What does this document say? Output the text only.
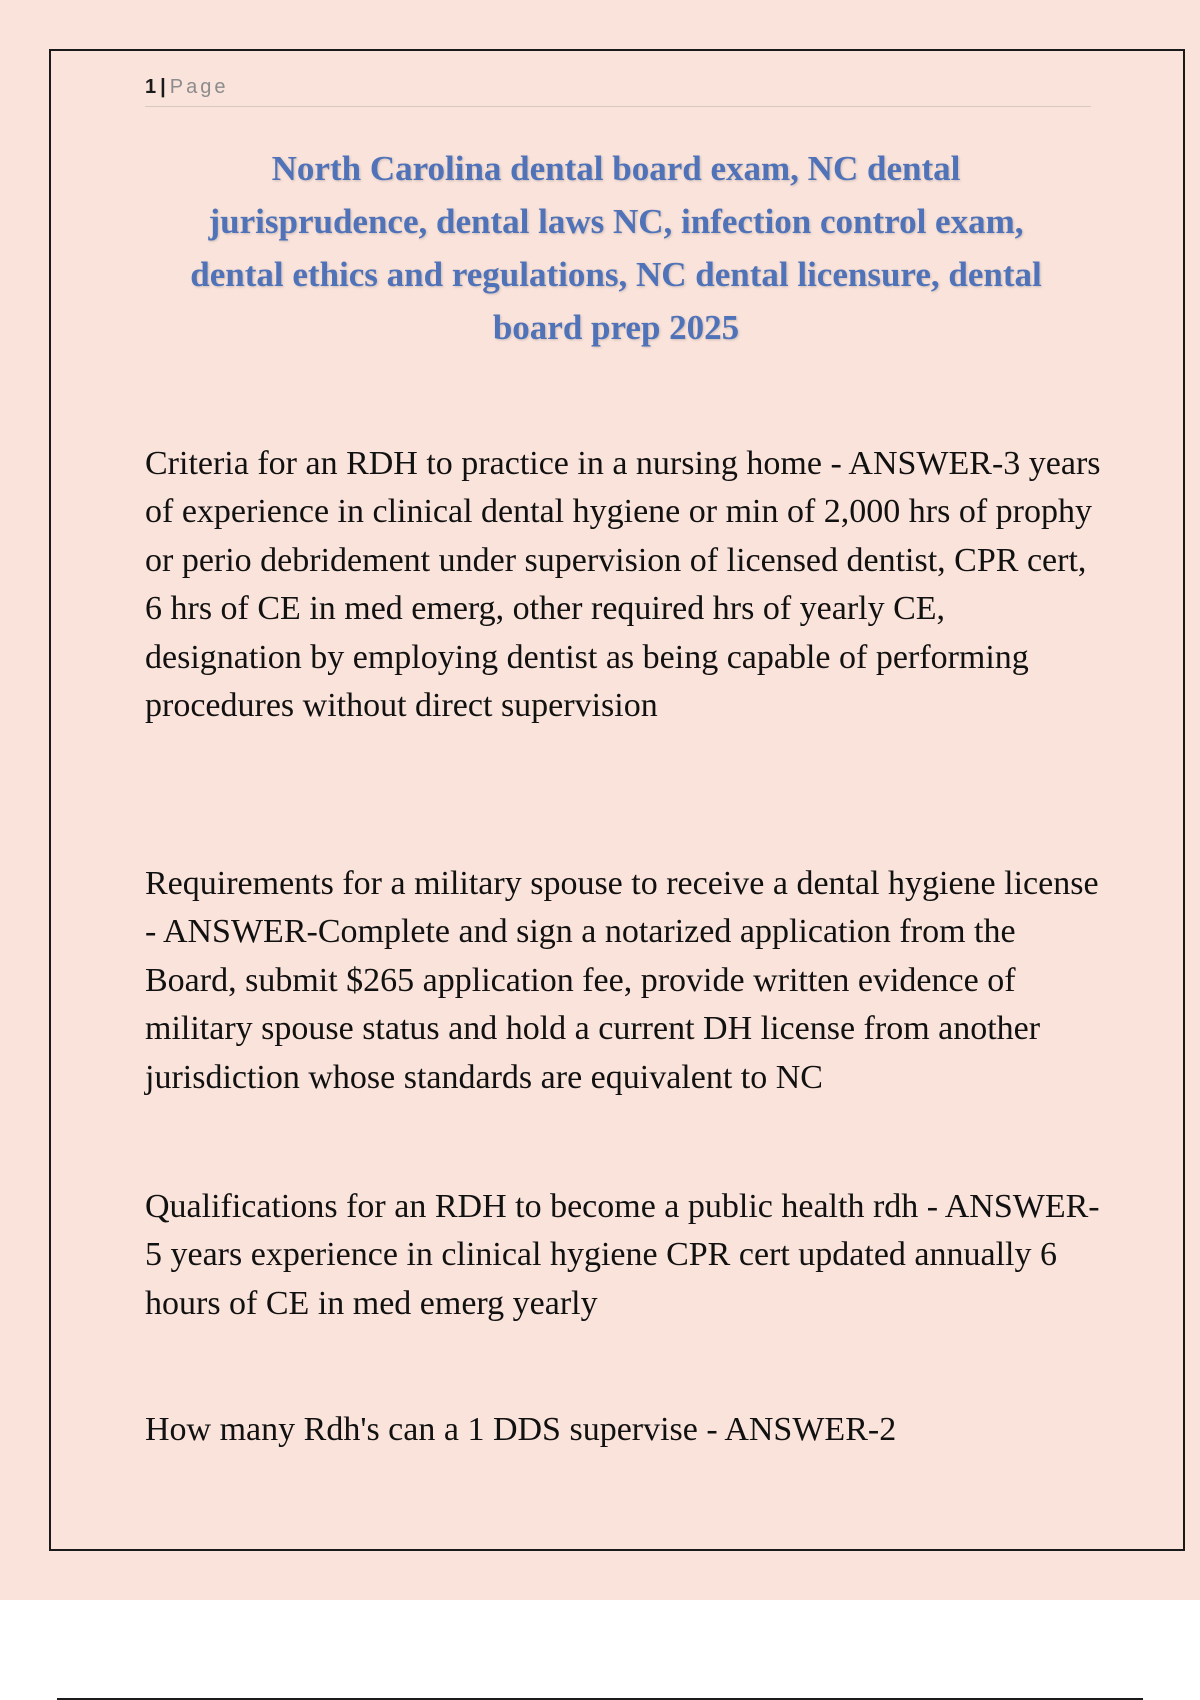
1 | Page
North Carolina dental board exam, NC dental jurisprudence, dental laws NC, infection control exam, dental ethics and regulations, NC dental licensure, dental board prep 2025

Criteria for an RDH to practice in a nursing home - ANSWER-3 years of experience in clinical dental hygiene or min of 2,000 hrs of prophy or perio debridement under supervision of licensed dentist, CPR cert, 6 hrs of CE in med emerg, other required hrs of yearly CE, designation by employing dentist as being capable of performing procedures without direct supervision

Requirements for a military spouse to receive a dental hygiene license - ANSWER-Complete and sign a notarized application from the Board, submit $265 application fee, provide written evidence of military spouse status and hold a current DH license from another jurisdiction whose standards are equivalent to NC

Qualifications for an RDH to become a public health rdh - ANSWER-5 years experience in clinical hygiene CPR cert updated annually 6 hours of CE in med emerg yearly

How many Rdh's can a 1 DDS supervise - ANSWER-2
